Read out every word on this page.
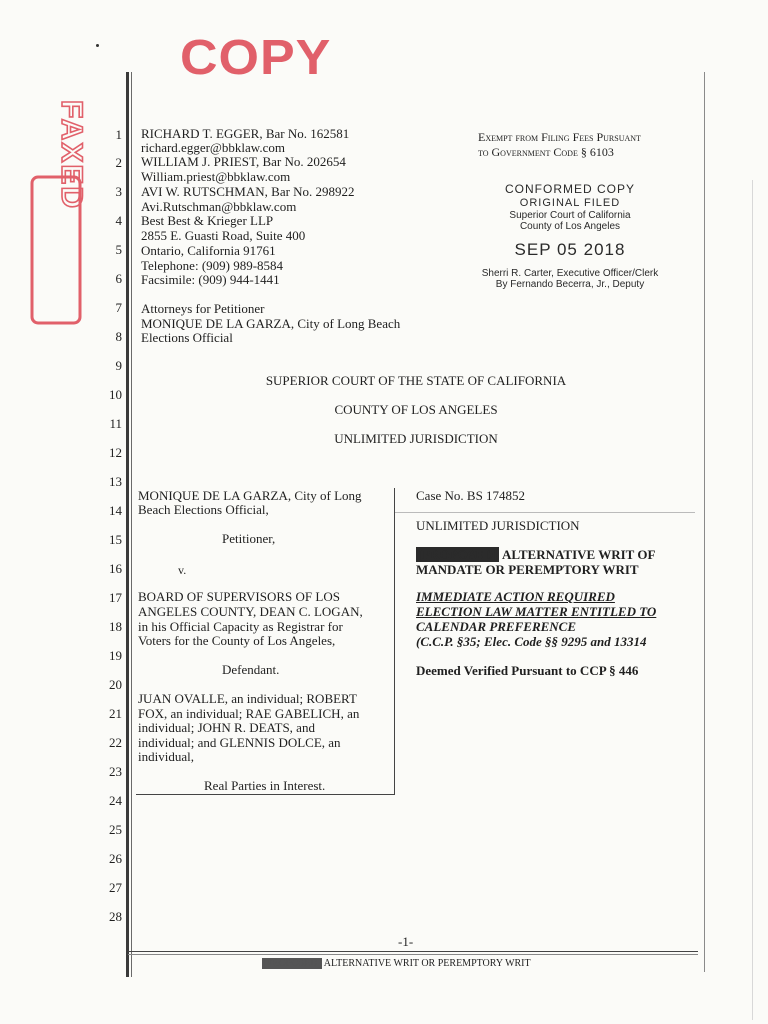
COPY
FAXED	1
2
3
4
5
6
7
8
9
10
11
12
13
14
15
16
17
18
19
20
21
22
23
24
25
26
27
28
RICHARD T. EGGER, Bar No. 162581
richard.egger@bbklaw.com
WILLIAM J. PRIEST, Bar No. 202654
William.priest@bbklaw.com
AVI W. RUTSCHMAN, Bar No. 298922
Avi.Rutschman@bbklaw.com
Best Best & Krieger LLP
2855 E. Guasti Road, Suite 400
Ontario, California 91761
Telephone: (909) 989-8584
Facsimile: (909) 944-1441
Attorneys for Petitioner
MONIQUE DE LA GARZA, City of Long Beach
Elections Official
Exempt from Filing Fees Pursuant
to Government Code § 6103
CONFORMED COPY
ORIGINAL FILED
Superior Court of California
County of Los Angeles
SEP 05 2018
Sherri R. Carter, Executive Officer/Clerk
By Fernando Becerra, Jr., Deputy
SUPERIOR COURT OF THE STATE OF CALIFORNIA
COUNTY OF LOS ANGELES
UNLIMITED JURISDICTION
MONIQUE DE LA GARZA, City of Long
Beach Elections Official,
Petitioner,
v.
BOARD OF SUPERVISORS OF LOS
ANGELES COUNTY, DEAN C. LOGAN,
in his Official Capacity as Registrar for
Voters for the County of Los Angeles,
Defendant.
JUAN OVALLE, an individual; ROBERT
FOX, an individual; RAE GABELICH, an
individual; JOHN R. DEATS, and
individual; and GLENNIS DOLCE, an
individual,
Real Parties in Interest.
Case No. BS 174852
UNLIMITED JURISDICTION
[PROPOSED] ALTERNATIVE WRIT OF
MANDATE OR PEREMPTORY WRIT
IMMEDIATE ACTION REQUIRED
ELECTION LAW MATTER ENTITLED TO
CALENDAR PREFERENCE
(C.C.P. §35; Elec. Code §§ 9295 and 13314
Deemed Verified Pursuant to CCP § 446
-1-
[PROPOSED] ALTERNATIVE WRIT OR PEREMPTORY WRIT
